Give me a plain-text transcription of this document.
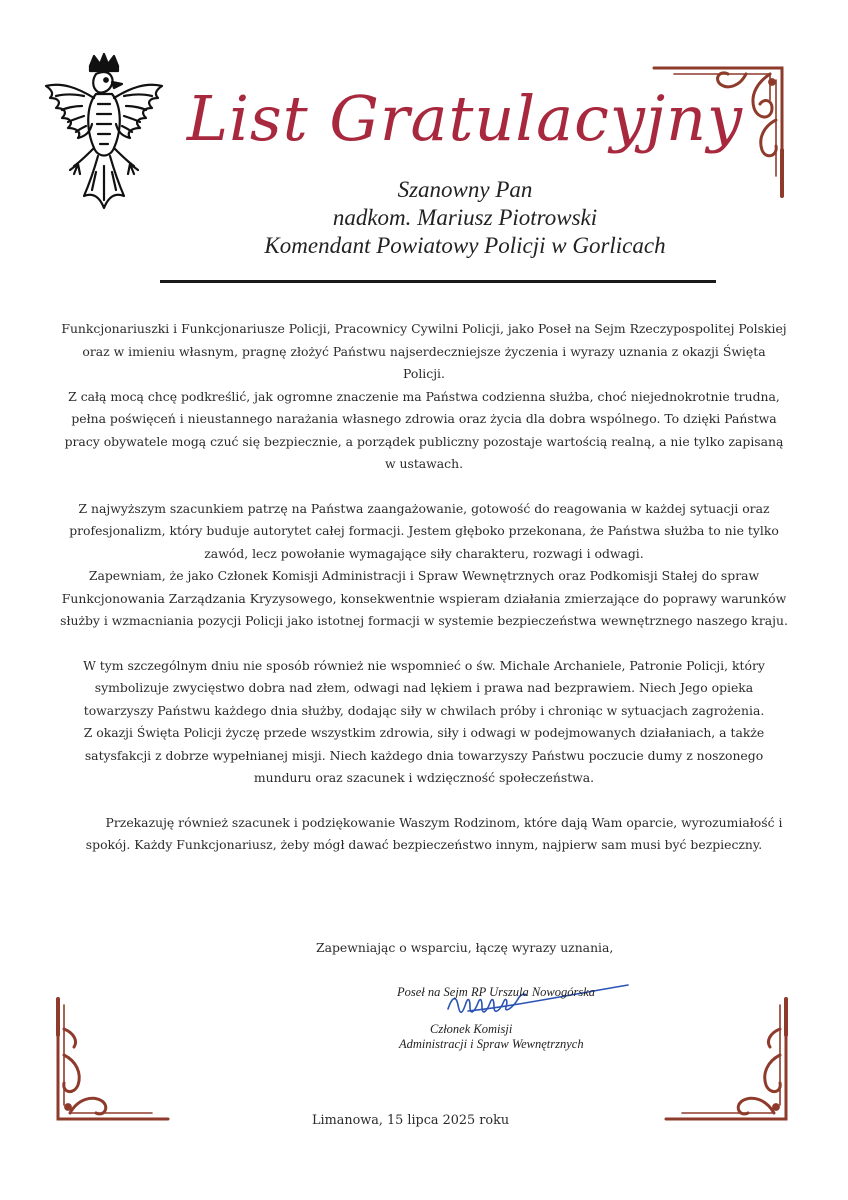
List Gratulacyjny
Szanowny Pan
nadkom. Mariusz Piotrowski
Komendant Powiatowy Policji w Gorlicach

Funkcjonariuszki i Funkcjonariusze Policji, Pracownicy Cywilni Policji, jako Poseł na Sejm Rzeczypospolitej Polskiej oraz w imieniu własnym, pragnę złożyć Państwu najserdeczniejsze życzenia i wyrazy uznania z okazji Święta Policji.

Z całą mocą chcę podkreślić, jak ogromne znaczenie ma Państwa codzienna służba, choć niejednokrotnie trudna, pełna poświęceń i nieustannego narażania własnego zdrowia oraz życia dla dobra wspólnego. To dzięki Państwa pracy obywatele mogą czuć się bezpiecznie, a porządek publiczny pozostaje wartością realną, a nie tylko zapisaną w ustawach.

Z najwyższym szacunkiem patrzę na Państwa zaangażowanie, gotowość do reagowania w każdej sytuacji oraz profesjonalizm, który buduje autorytet całej formacji. Jestem głęboko przekonana, że Państwa służba to nie tylko zawód, lecz powołanie wymagające siły charakteru, rozwagi i odwagi.

Zapewniam, że jako Członek Komisji Administracji i Spraw Wewnętrznych oraz Podkomisji Stałej do spraw Funkcjonowania Zarządzania Kryzysowego, konsekwentnie wspieram działania zmierzające do poprawy warunków służby i wzmacniania pozycji Policji jako istotnej formacji w systemie bezpieczeństwa wewnętrznego naszego kraju.

W tym szczególnym dniu nie sposób również nie wspomnieć o św. Michale Archaniele, Patronie Policji, który symbolizuje zwycięstwo dobra nad złem, odwagi nad lękiem i prawa nad bezprawiem. Niech Jego opieka towarzyszy Państwu każdego dnia służby, dodając siły w chwilach próby i chroniąc w sytuacjach zagrożenia.

Z okazji Święta Policji życzę przede wszystkim zdrowia, siły i odwagi w podejmowanych działaniach, a także satysfakcji z dobrze wypełnianej misji. Niech każdego dnia towarzyszy Państwu poczucie dumy z noszonego munduru oraz szacunek i wdzięczność społeczeństwa.

Przekazuję również szacunek i podziękowanie Waszym Rodzinom, które dają Wam oparcie, wyrozumiałość i spokój. Każdy Funkcjonariusz, żeby mógł dawać bezpieczeństwo innym, najpierw sam musi być bezpieczny.

Zapewniając o wsparciu, łączę wyrazy uznania,
Poseł na Sejm RP Urszula Nowogórska
Członek Komisji
Administracji i Spraw Wewnętrznych
Limanowa, 15 lipca 2025 roku
